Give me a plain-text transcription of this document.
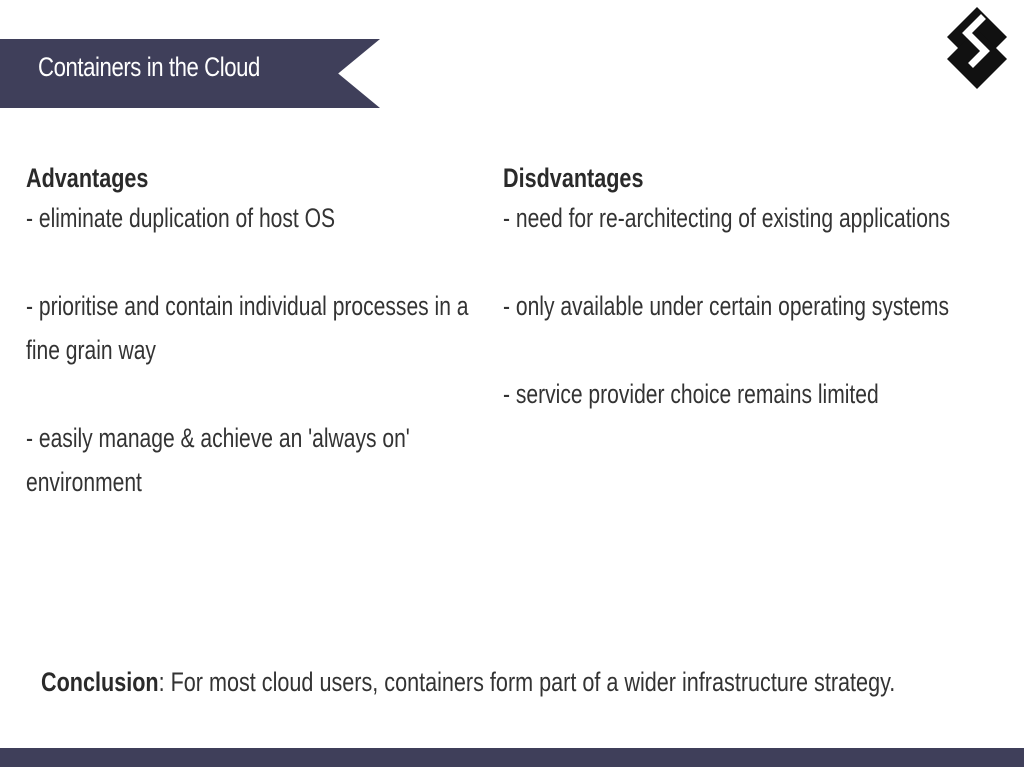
Containers in the Cloud
Advantages
- eliminate duplication of host OS
- prioritise and contain individual processes in a fine grain way
- easily manage & achieve an 'always on' environment
Disdvantages
- need for re-architecting of existing applications
- only available under certain operating systems
- service provider choice remains limited
Conclusion: For most cloud users, containers form part of a wider infrastructure strategy.
